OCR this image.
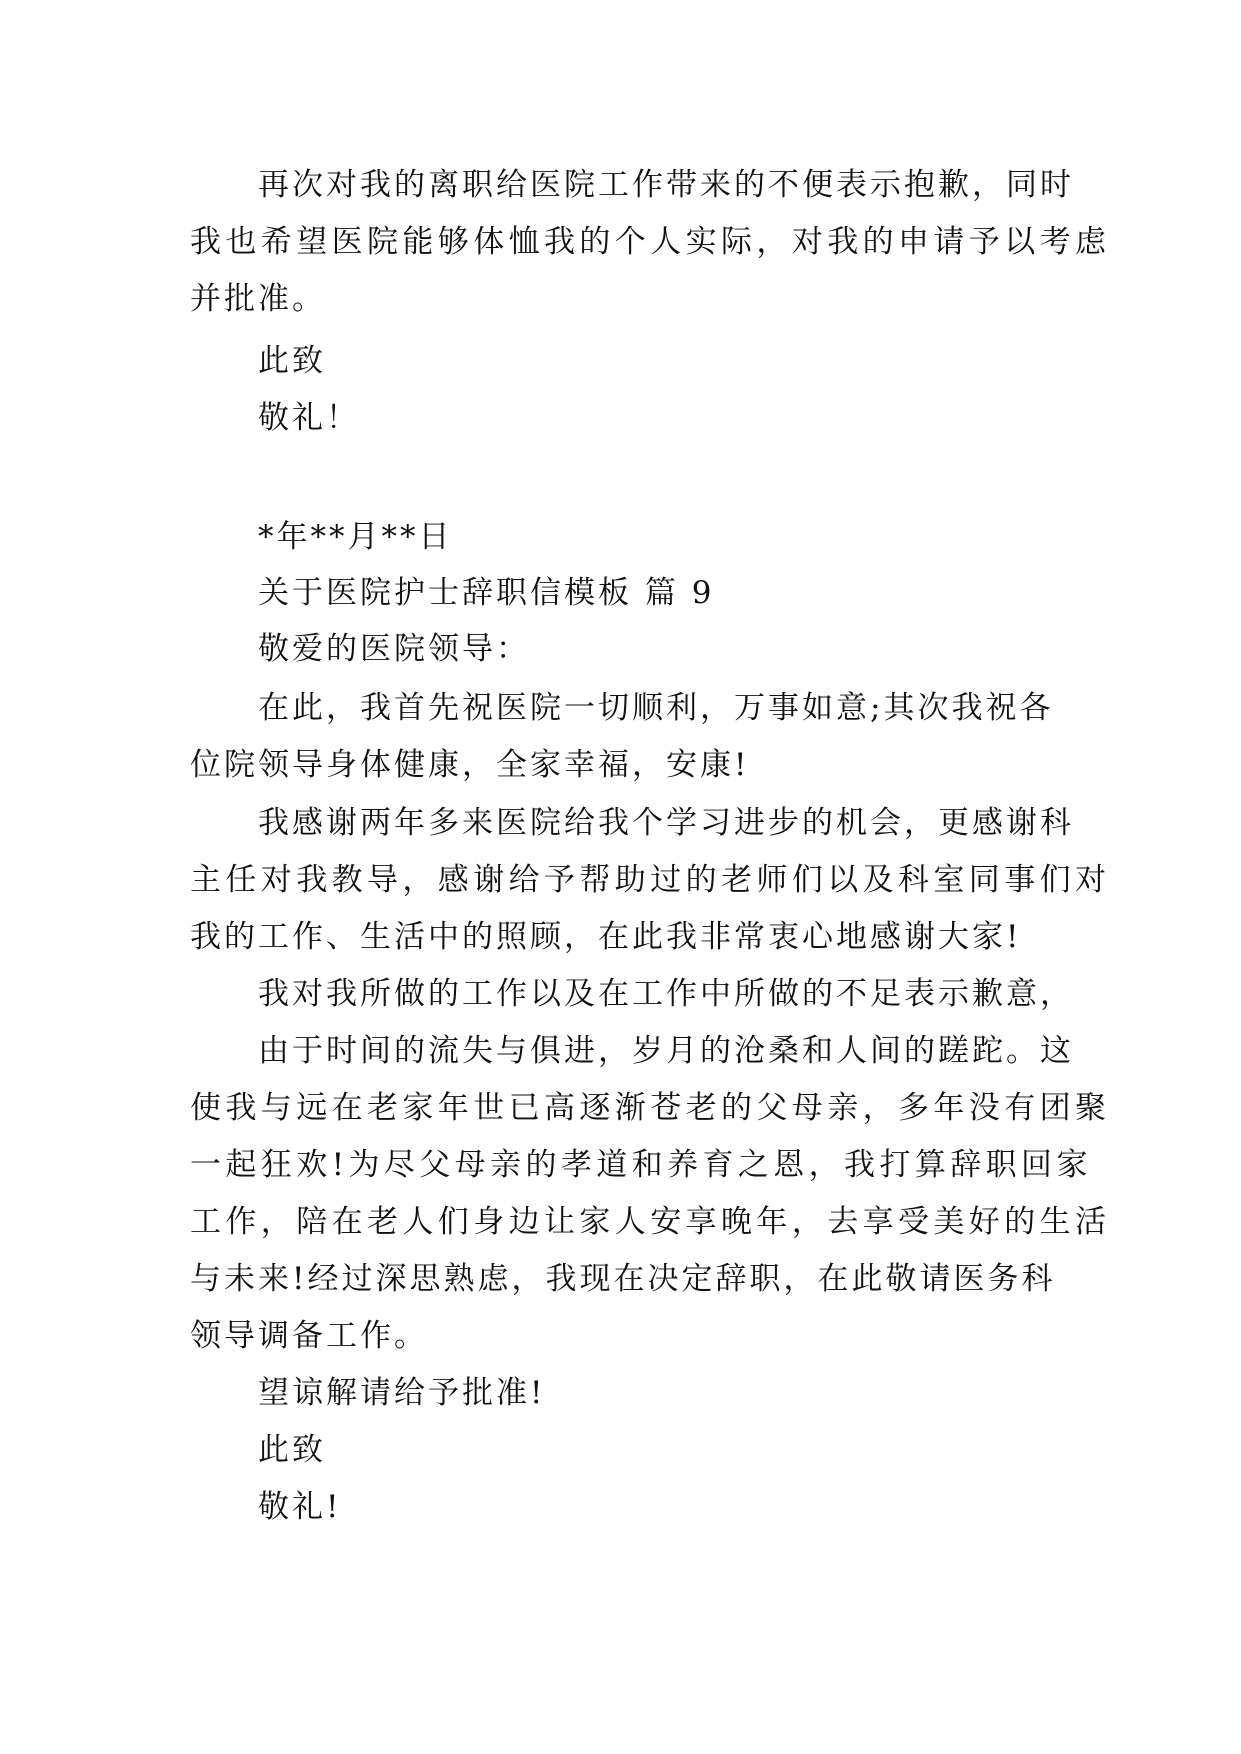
再次对我的离职给医院工作带来的不便表示抱歉，同时
我也希望医院能够体恤我的个人实际，对我的申请予以考虑
并批准。
此致
敬礼！
*年**月**日
关于医院护士辞职信模板 篇 9
敬爱的医院领导：
在此，我首先祝医院一切顺利，万事如意;其次我祝各
位院领导身体健康，全家幸福，安康!
我感谢两年多来医院给我个学习进步的机会，更感谢科
主任对我教导，感谢给予帮助过的老师们以及科室同事们对
我的工作、生活中的照顾，在此我非常衷心地感谢大家!
我对我所做的工作以及在工作中所做的不足表示歉意，
由于时间的流失与俱进，岁月的沧桑和人间的蹉跎。这
使我与远在老家年世已高逐渐苍老的父母亲，多年没有团聚
一起狂欢!为尽父母亲的孝道和养育之恩，我打算辞职回家
工作，陪在老人们身边让家人安享晚年，去享受美好的生活
与未来!经过深思熟虑，我现在决定辞职，在此敬请医务科
领导调备工作。
望谅解请给予批准!
此致
敬礼!
